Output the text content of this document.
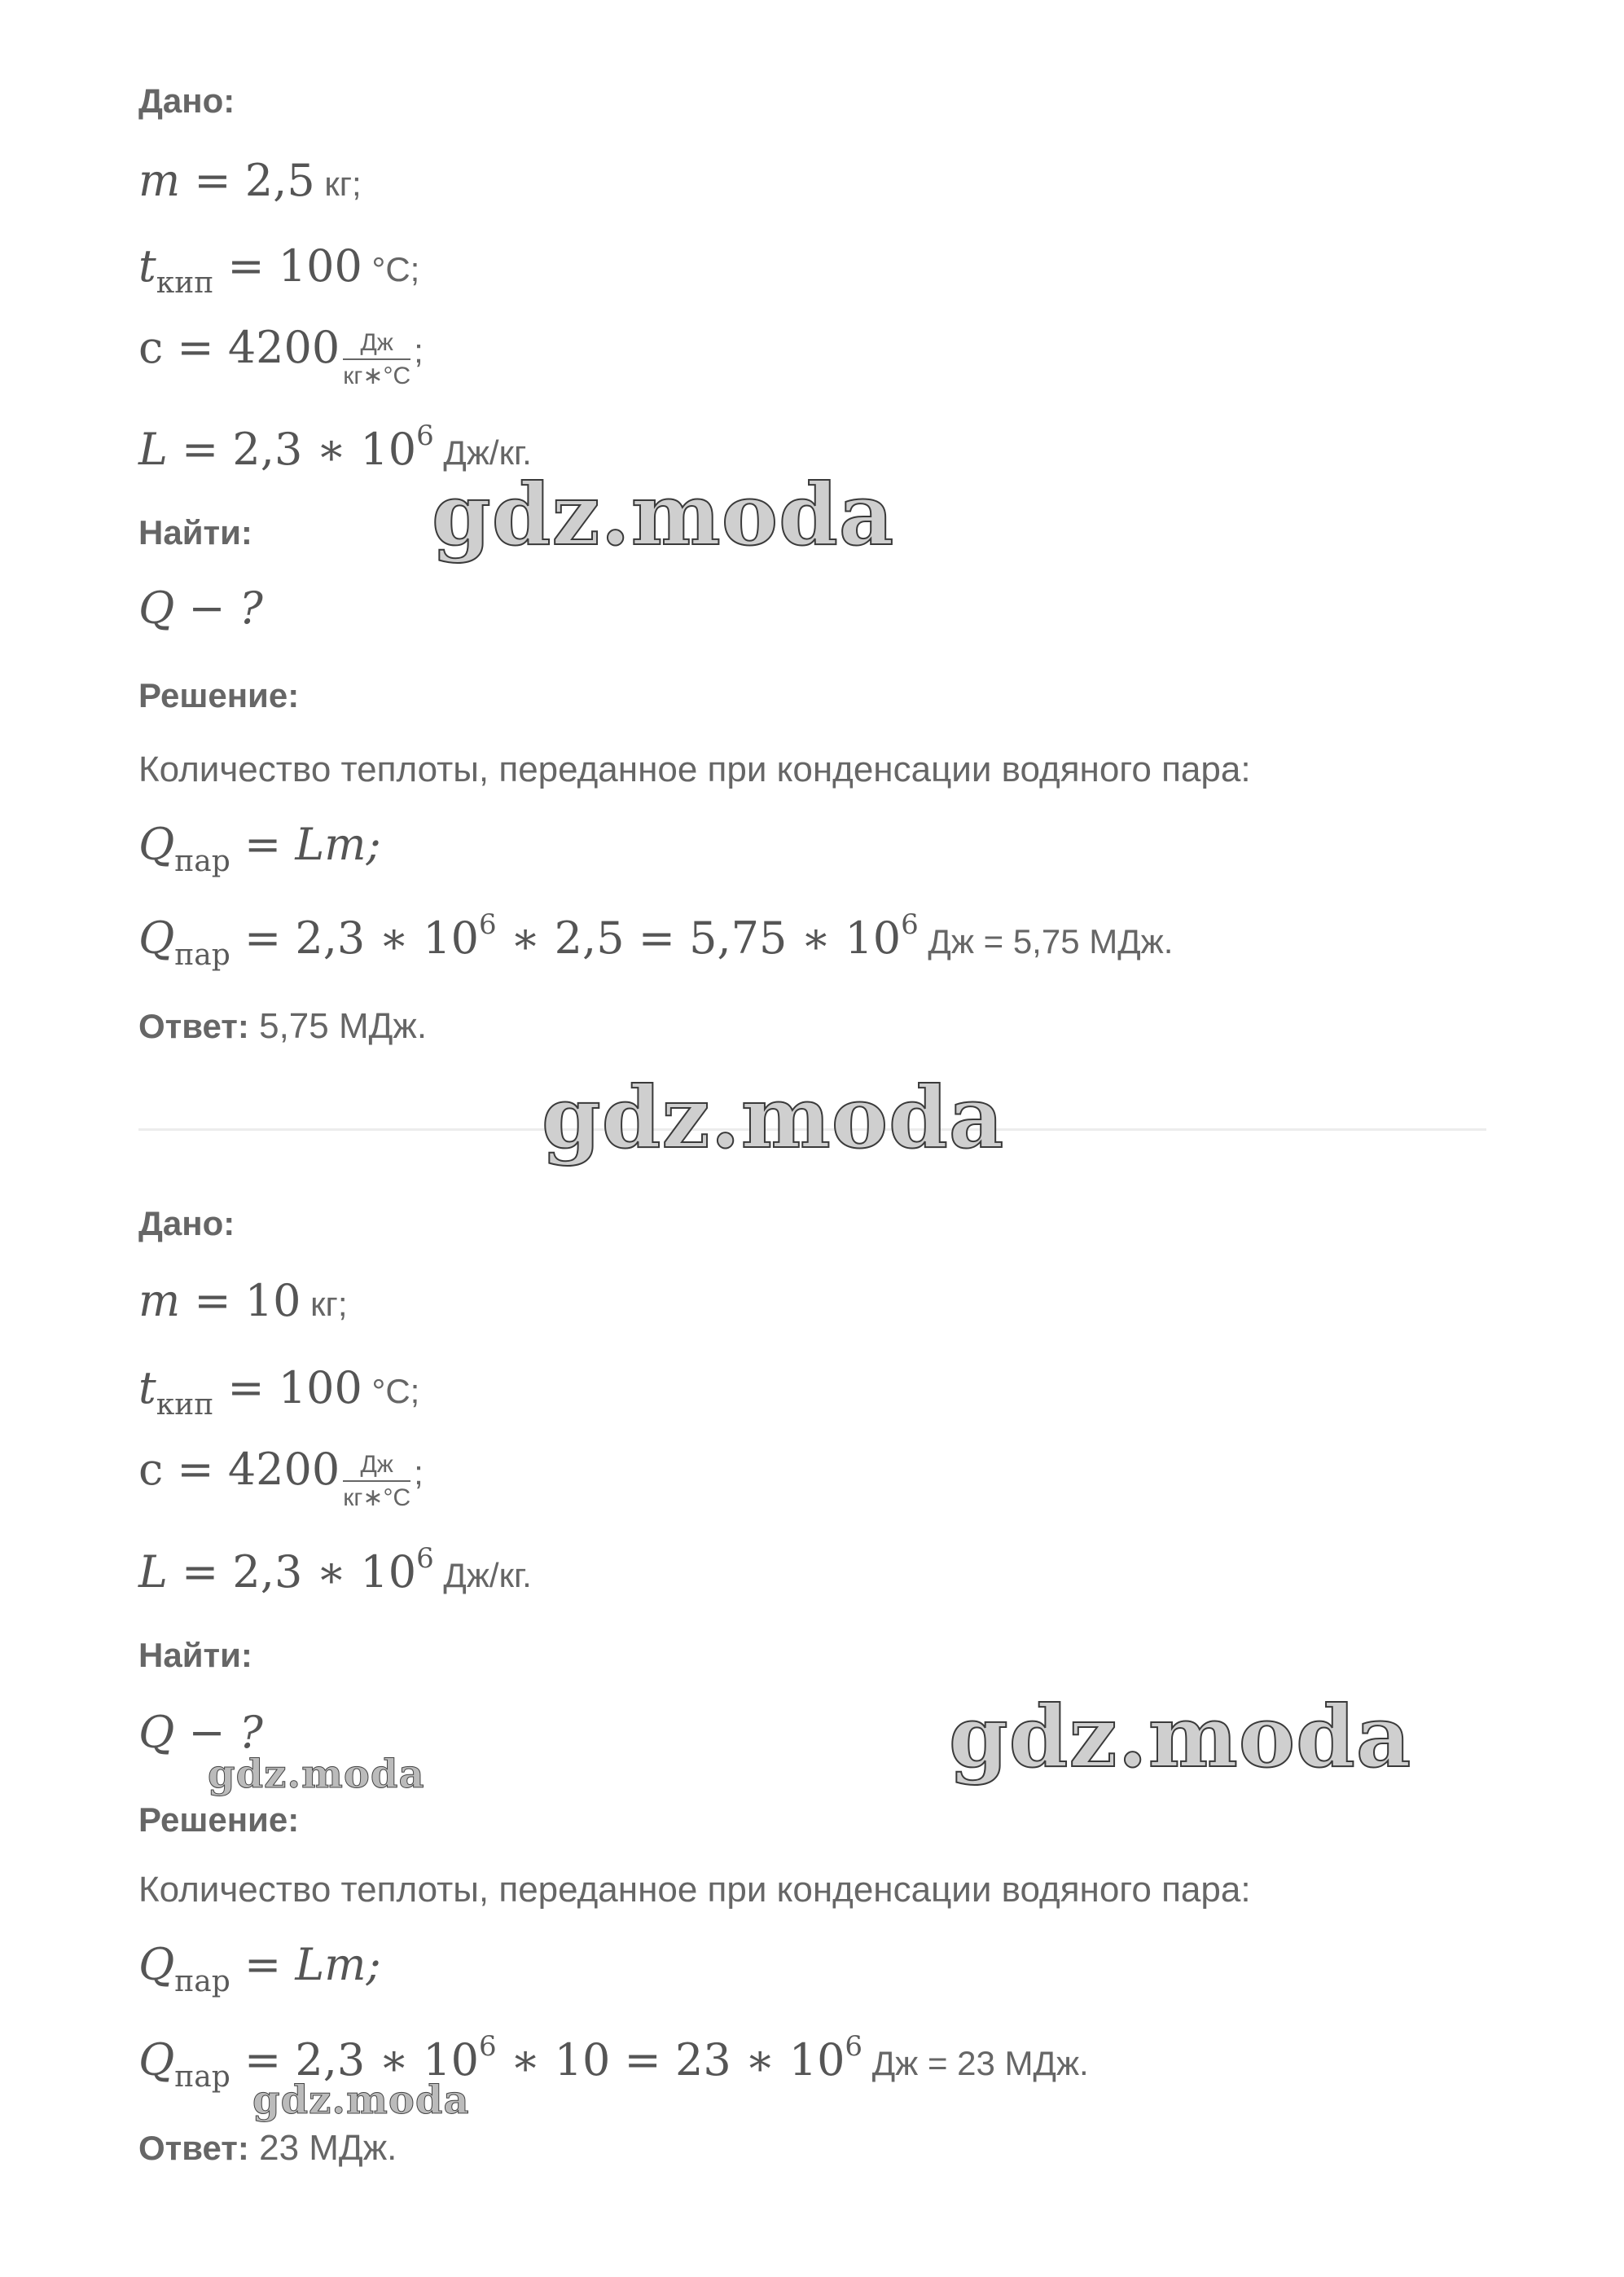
Дано:
m = 2,5 кг;
tкип = 100 °С;
$с = 4200 \frac{Дж}{кг∗^\circ С}$ ;
L = 2,3 ∗ 106 Дж/кг.
Найти:
Q − ?
Решение:
Количество теплоты, переданное при конденсации водяного пара:
Qпар = Lm;
Qпар = 2,3 ∗ 106 ∗ 2,5 = 5,75 ∗ 106 Дж = 5,75 МДж.
Ответ: 5,75 МДж.
Дано:
m = 10 кг;
tкип = 100 °С;
$с = 4200 \frac{Дж}{кг∗^\circ С}$ ;
L = 2,3 ∗ 106 Дж/кг.
Найти:
Q − ?
Решение:
Количество теплоты, переданное при конденсации водяного пара:
Qпар = Lm;
Qпар = 2,3 ∗ 106 ∗ 10 = 23 ∗ 106 Дж = 23 МДж.
Ответ: 23 МДж.
gdz.moda
gdz.moda
gdz.moda
gdz.moda
gdz.moda
